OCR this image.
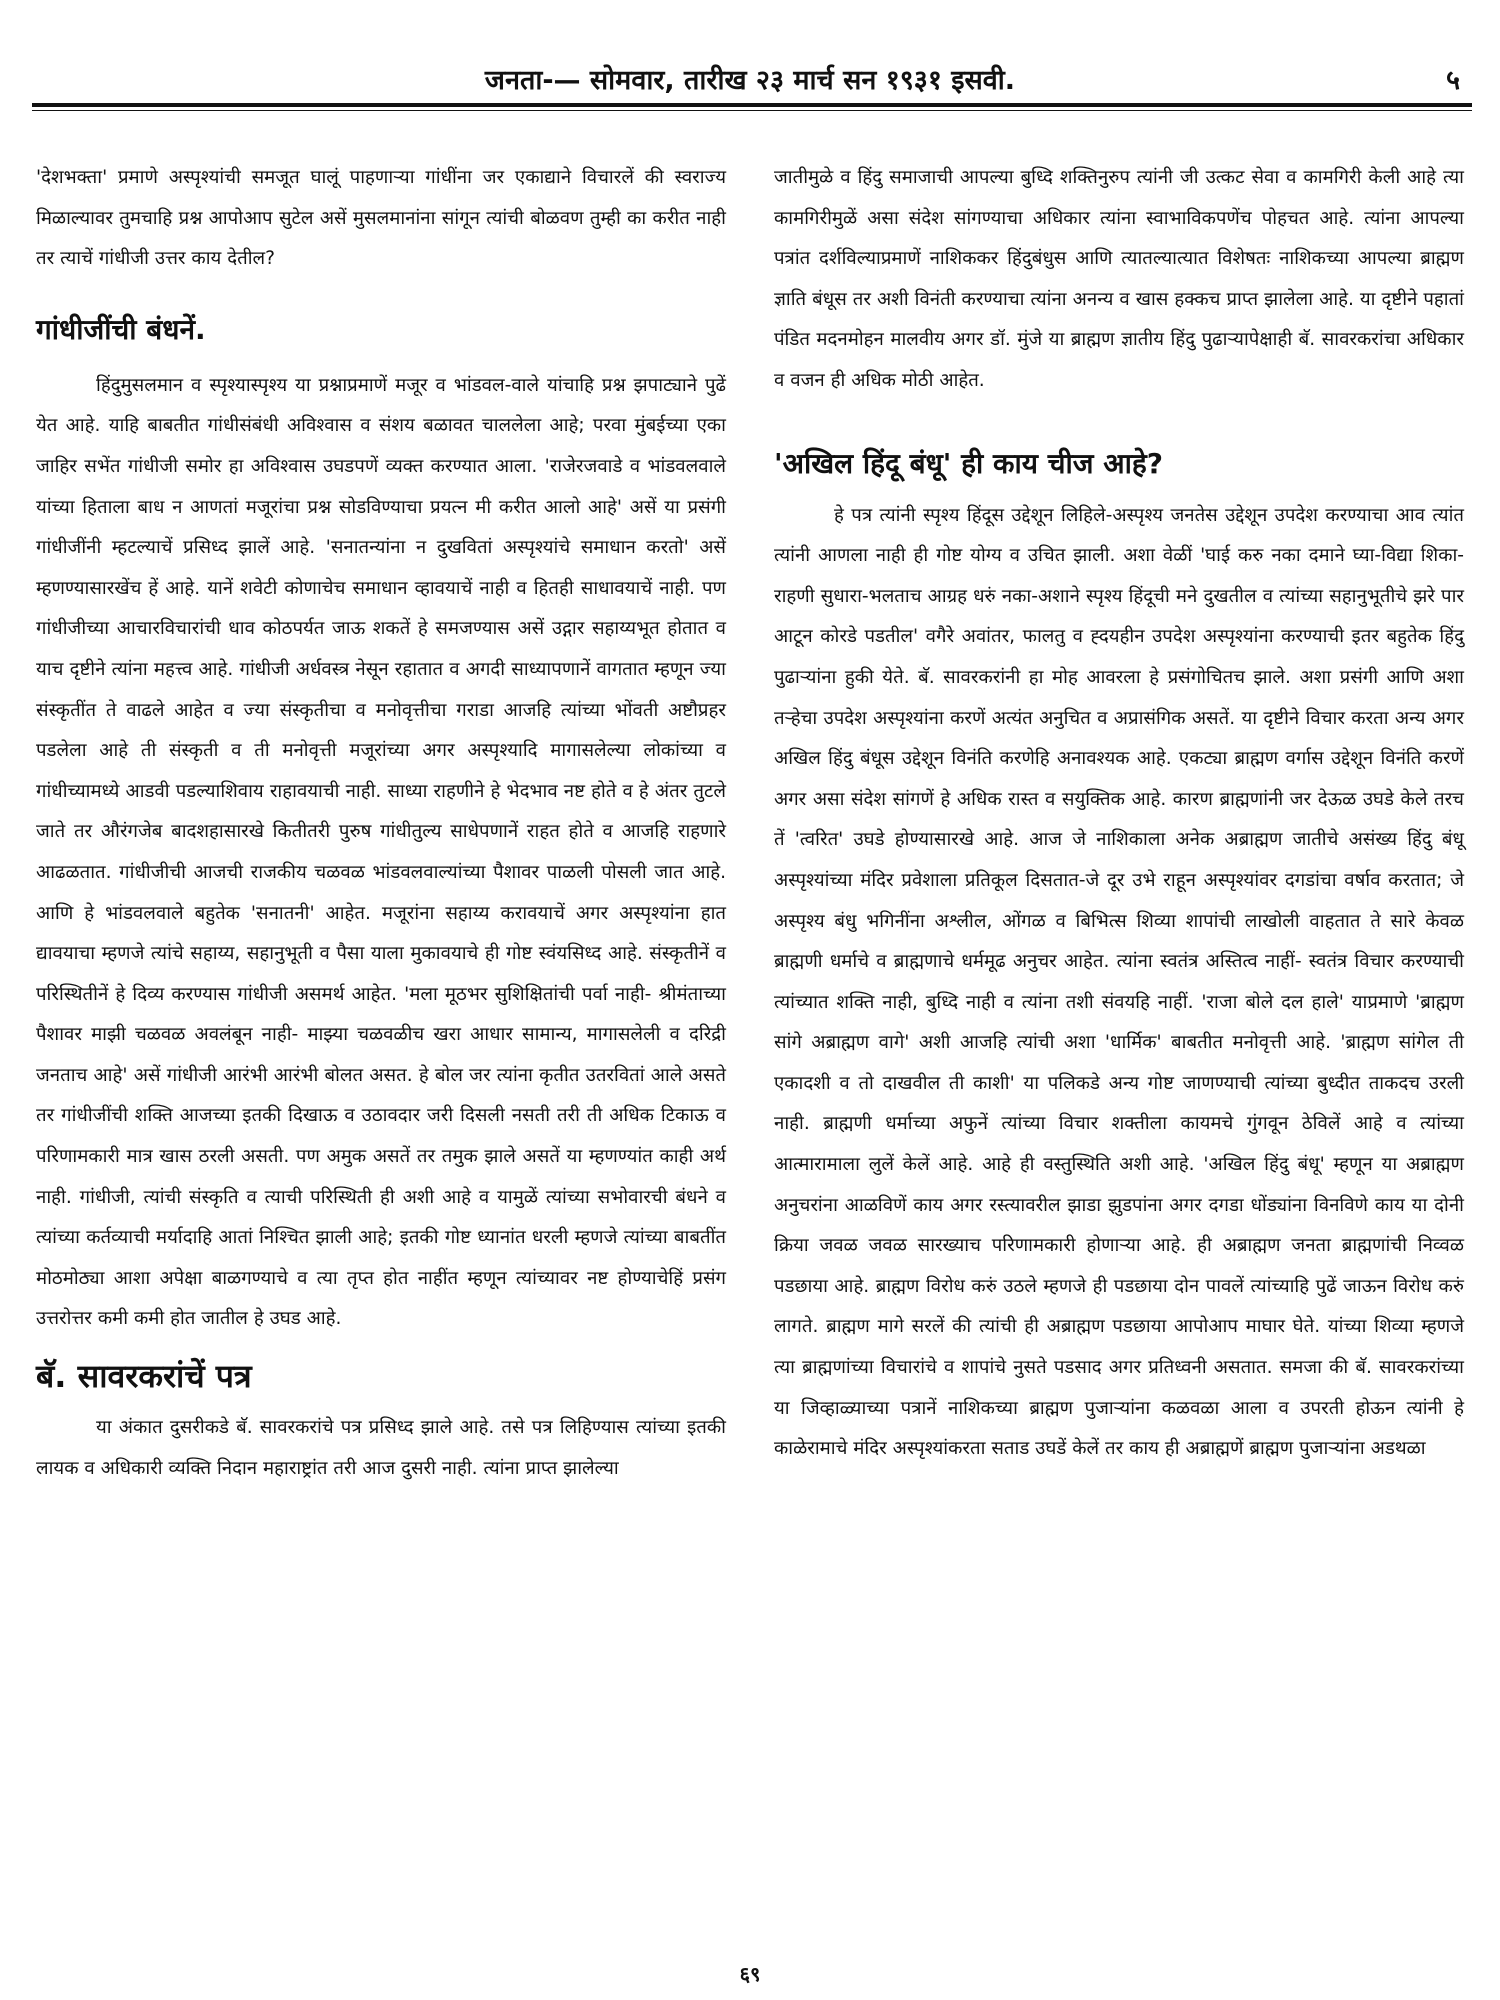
जनता-— सोमवार, तारीख २३ मार्च सन १९३१ इसवी.	५

'देशभक्ता' प्रमाणे अस्पृश्यांची समजूत घालूं पाहणाऱ्या गांधींना जर एकाद्याने विचारलें की स्वराज्य मिळाल्यावर तुमचाहि प्रश्न आपोआप सुटेल असें मुसलमानांना सांगून त्यांची बोळवण तुम्ही का करीत नाही तर त्याचें गांधीजी उत्तर काय देतील?

गांधीजींची बंधनें.

हिंदुमुसलमान व स्पृश्यास्पृश्य या प्रश्नाप्रमाणें मजूर व भांडवल-वाले यांचाहि प्रश्न झपाट्याने पुढें येत आहे. याहि बाबतीत गांधीसंबंधी अविश्वास व संशय बळावत चाललेला आहे; परवा मुंबईच्या एका जाहिर सभेंत गांधीजी समोर हा अविश्वास उघडपणें व्यक्त करण्यात आला. 'राजेरजवाडे व भांडवलवाले यांच्या हिताला बाध न आणतां मजूरांचा प्रश्न सोडविण्याचा प्रयत्न मी करीत आलो आहे' असें या प्रसंगी गांधीजींनी म्हटल्याचें प्रसिध्द झालें आहे. 'सनातन्यांना न दुखवितां अस्पृश्यांचे समाधान करतो' असें म्हणण्यासारखेंच हें आहे. यानें शवेटी कोणाचेच समाधान व्हावयाचें नाही व हितही साधावयाचें नाही. पण गांधीजीच्या आचारविचारांची धाव कोठपर्यत जाऊ शकतें हे समजण्यास असें उद्गार सहाय्यभूत होतात व याच दृष्टीने त्यांना महत्त्व आहे. गांधीजी अर्धवस्त्र नेसून रहातात व अगदी साध्यापणानें वागतात म्हणून ज्या संस्कृतींत ते वाढले आहेत व ज्या संस्कृतीचा व मनोवृत्तीचा गराडा आजहि त्यांच्या भोंवती अष्टौप्रहर पडलेला आहे ती संस्कृती व ती मनोवृत्ती मजूरांच्या अगर अस्पृश्यादि मागासलेल्या लोकांच्या व गांधीच्यामध्ये आडवी पडल्याशिवाय राहावयाची नाही. साध्या राहणीने हे भेदभाव नष्ट होते व हे अंतर तुटले जाते तर औरंगजेब बादशहासारखे कितीतरी पुरुष गांधीतुल्य साधेपणानें राहत होते व आजहि राहणारे आढळतात. गांधीजीची आजची राजकीय चळवळ भांडवलवाल्यांच्या पैशावर पाळली पोसली जात आहे. आणि हे भांडवलवाले बहुतेक 'सनातनी' आहेत. मजूरांना सहाय्य करावयाचें अगर अस्पृश्यांना हात द्यावयाचा म्हणजे त्यांचे सहाय्य, सहानुभूती व पैसा याला मुकावयाचे ही गोष्ट स्वंयसिध्द आहे. संस्कृतीनें व परिस्थितीनें हे दिव्य करण्यास गांधीजी असमर्थ आहेत. 'मला मूठभर सुशिक्षितांची पर्वा नाही- श्रीमंताच्या पैशावर माझी चळवळ अवलंबून नाही- माझ्या चळवळीच खरा आधार सामान्य, मागासलेली व दरिद्री जनताच आहे' असें गांधीजी आरंभी आरंभी बोलत असत. हे बोल जर त्यांना कृतीत उतरवितां आले असते तर गांधीजींची शक्ति आजच्या इतकी दिखाऊ व उठावदार जरी दिसली नसती तरी ती अधिक टिकाऊ व परिणामकारी मात्र खास ठरली असती. पण अमुक असतें तर तमुक झाले असतें या म्हणण्यांत काही अर्थ नाही. गांधीजी, त्यांची संस्कृति व त्याची परिस्थिती ही अशी आहे व यामुळें त्यांच्या सभोवारची बंधने व त्यांच्या कर्तव्याची मर्यादाहि आतां निश्चित झाली आहे; इतकी गोष्ट ध्यानांत धरली म्हणजे त्यांच्या बाबतींत मोठमोठ्या आशा अपेक्षा बाळगण्याचे व त्या तृप्त होत नाहींत म्हणून त्यांच्यावर नष्ट होण्याचेहिं प्रसंग उत्तरोत्तर कमी कमी होत जातील हे उघड आहे.

बॅ. सावरकरांचें पत्र

या अंकात दुसरीकडे बॅ. सावरकरांचे पत्र प्रसिध्द झाले आहे. तसे पत्र लिहिण्यास त्यांच्या इतकी लायक व अधिकारी व्यक्ति निदान महाराष्ट्रांत तरी आज दुसरी नाही. त्यांना प्राप्त झालेल्या

जातीमुळे व हिंदु समाजाची आपल्या बुध्दि शक्तिनुरुप त्यांनी जी उत्कट सेवा व कामगिरी केली आहे त्या कामगिरीमुळें असा संदेश सांगण्याचा अधिकार त्यांना स्वाभाविकपणेंच पोहचत आहे. त्यांना आपल्या पत्रांत दर्शविल्याप्रमाणें नाशिककर हिंदुबंधुस आणि त्यातल्यात्यात विशेषतः नाशिकच्या आपल्या ब्राह्मण ज्ञाति बंधूस तर अशी विनंती करण्याचा त्यांना अनन्य व खास हक्कच प्राप्त झालेला आहे. या दृष्टीने पहातां पंडित मदनमोहन मालवीय अगर डॉ. मुंजे या ब्राह्मण ज्ञातीय हिंदु पुढाऱ्यापेक्षाही बॅ. सावरकरांचा अधिकार व वजन ही अधिक मोठी आहेत.

'अखिल हिंदू बंधू' ही काय चीज आहे?

हे पत्र त्यांनी स्पृश्य हिंदूस उद्देशून लिहिले-अस्पृश्य जनतेस उद्देशून उपदेश करण्याचा आव त्यांत त्यांनी आणला नाही ही गोष्ट योग्य व उचित झाली. अशा वेळीं 'घाई करु नका दमाने घ्या-विद्या शिका-राहणी सुधारा-भलताच आग्रह धरुं नका-अशाने स्पृश्य हिंदूची मने दुखतील व त्यांच्या सहानुभूतीचे झरे पार आटून कोरडे पडतील' वगैरे अवांतर, फालतु व ह्दयहीन उपदेश अस्पृश्यांना करण्याची इतर बहुतेक हिंदु पुढाऱ्यांना हुकी येते. बॅ. सावरकरांनी हा मोह आवरला हे प्रसंगोचितच झाले. अशा प्रसंगी आणि अशा तऱ्हेचा उपदेश अस्पृश्यांना करणें अत्यंत अनुचित व अप्रासंगिक असतें. या दृष्टीने विचार करता अन्य अगर अखिल हिंदु बंधूस उद्देशून विनंति करणेहि अनावश्यक आहे. एकट्या ब्राह्मण वर्गास उद्देशून विनंति करणें अगर असा संदेश सांगणें हे अधिक रास्त व सयुक्तिक आहे. कारण ब्राह्मणांनी जर देऊळ उघडे केले तरच तें 'त्वरित' उघडे होण्यासारखे आहे. आज जे नाशिकाला अनेक अब्राह्मण जातीचे असंख्य हिंदु बंधू अस्पृश्यांच्या मंदिर प्रवेशाला प्रतिकूल दिसतात-जे दूर उभे राहून अस्पृश्यांवर दगडांचा वर्षाव करतात; जे अस्पृश्य बंधु भगिनींना अश्लील, ओंगळ व बिभित्स शिव्या शापांची लाखोली वाहतात ते सारे केवळ ब्राह्मणी धर्माचे व ब्राह्मणाचे धर्ममूढ अनुचर आहेत. त्यांना स्वतंत्र अस्तित्व नाहीं- स्वतंत्र विचार करण्याची त्यांच्यात शक्ति नाही, बुध्दि नाही व त्यांना तशी संवयहि नाहीं. 'राजा बोले दल हाले' याप्रमाणे 'ब्राह्मण सांगे अब्राह्मण वागे' अशी आजहि त्यांची अशा 'धार्मिक' बाबतीत मनोवृत्ती आहे. 'ब्राह्मण सांगेल ती एकादशी व तो दाखवील ती काशी' या पलिकडे अन्य गोष्ट जाणण्याची त्यांच्या बुध्दीत ताकदच उरली नाही. ब्राह्मणी धर्माच्या अफुनें त्यांच्या विचार शक्तीला कायमचे गुंगवून ठेविलें आहे व त्यांच्या आत्मारामाला लुलें केलें आहे. आहे ही वस्तुस्थिति अशी आहे. 'अखिल हिंदु बंधू' म्हणून या अब्राह्मण अनुचरांना आळविणें काय अगर रस्त्यावरील झाडा झुडपांना अगर दगडा धोंड्यांना विनविणे काय या दोनी क्रिया जवळ जवळ सारख्याच परिणामकारी होणाऱ्या आहे. ही अब्राह्मण जनता ब्राह्मणांची निव्वळ पडछाया आहे. ब्राह्मण विरोध करुं उठले म्हणजे ही पडछाया दोन पावलें त्यांच्याहि पुढें जाऊन विरोध करुं लागते. ब्राह्मण मागे सरलें की त्यांची ही अब्राह्मण पडछाया आपोआप माघार घेते. यांच्या शिव्या म्हणजे त्या ब्राह्मणांच्या विचारांचे व शापांचे नुसते पडसाद अगर प्रतिध्वनी असतात. समजा की बॅ. सावरकरांच्या या जिव्हाळ्याच्या पत्रानें नाशिकच्या ब्राह्मण पुजाऱ्यांना कळवळा आला व उपरती होऊन त्यांनी हे काळेरामाचे मंदिर अस्पृश्यांकरता सताड उघडें केलें तर काय ही अब्राह्मणें ब्राह्मण पुजाऱ्यांना अडथळा

६९
